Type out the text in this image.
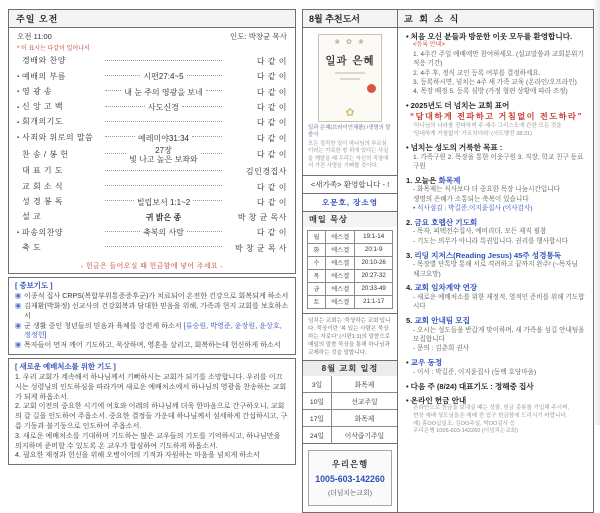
주일 오전
오전 11:00	인도: 박창균 목사
* 이 표시는 다같이 일어나서
경배와 찬양	다 같 이
▪ 예배의 부름	시편27:4~5	다 같 이
▪ 영 광 송	내 눈 주의 영광을 보네	다 같 이
▪ 신 앙 고 백	사도신경	다 같 이
▪ 회개의기도	다 같 이
▪ 사죄와 위로의 말씀	예레미야31:34	다 같 이
찬 송 / 봉 헌	27장
빛 나고 높은 보좌와	다 같 이
대 표 기 도	김인경집사
교 회 소 식	다 같 이
성 경 봉 독	빌립보서 1:1~2	다 같 이
설 교	귀 밝은 종	박 창 균 목사
▪ 파송의찬양	축복의 사람	다 같 이
축 도	박 창 균 목 사
- 헌금은 들어오실 때 헌금함에 넣어 주세요 -
[ 중보기도 ]
▣ 이종석 집사 CRPS(복합부위통증증후군)가 치료되어 온전한 건강으로 회복되게 하소서
▣ 김재환(박화정) 선교사의 건강회복과 담대한 믿음을 위해, 가족과 현지 교회를 보호하소서
▣ 군 생활 중인 청년들의 믿음과 육체를 강건케 하소서 [류승원, 박영준, 윤장원, 윤상호, 정정헌]
▣ 목자들이 먼저 깨어 기도하고, 묵상하며, 영혼을 살리고, 회복하는데 헌신하게 하소서
[ 새로운 예배처소를 위한 기도 ]
1. 우리 교회가 계속해서 하나님께서 기뻐하시는 교회가 되기를 소망합니다. 우리를 이끄시는 성령님의 인도하심을 따라가며 새로운 예배처소에서 하나님의 영광을 찬송하는 교회가 되게 하옵소서.
2. 교회 이전의 중요한 시기에 여호와 이레의 하나님께 더욱 한마음으로 간구하오니, 교회의 갈 길을 인도하여 주옵소서. 중요한 결정들 가운데 하나님께서 섬세하게 간섭하시고, 구름 기둥과 불기둥으로 인도하여 주옵소서.
3. 새로운 예배처소를 기대하며 기도하는 많은 교우들의 기도를 기억하시고, 하나님만을 의지하며 준비할 수 있도록 온 교우가 합심하여 기도하게 하옵소서.
4. 필요한 재정과 헌신을 위해 오병이어의 기적과 자원하는 마음을 넘치게 하소서
8월 추천도서	교 회 소 식
❀ ✿ ❀
일과 은혜
✿
일과 은혜(브라이언채플) /생명의 말씀사
모든 정직한 일이 하나님의 부르심이라는 거룩한 땅 위에 있다는 사실을 깨달을 때 우리는 자신의 직장에서 가진 사명을 기뻐할 것이다.
<새가족> 환영합니다 - !
오문호, 장소영
매일 묵상
월	에스겔	19:1-14
화	에스겔	20:1-9
수	에스겔	20:10-26
목	에스겔	20:27-32
금	에스겔	20:33-49
토	에스겔	21:1-17
넘치는 교회는 '묵상하는 교회'입니다. 묵상이란 '복 있는 사람은 묵상하는 자로다' (시편1:1)의 말씀으로 매일의 말씀 묵상을 통해 하나님과 교제하는 것을 말합니다.
8월 교회 일정
3일	화목제
10일	선교주일
17일	화목제
24일	이삭줍기주일
우리은행
1005-603-142260
(더넘치는교회)
• 처음 오신 분들과 방문한 이웃 모두를 환영합니다.
<등록 안내>
1. 4주간 주일 예배에만 참여하세요. (설교말씀과 교회분위기 적응 기간)
2. 4주 후, 정식 교인 등록 여부를 결정하세요.
3. 등록하시면, 넘치는 4주 새 가족 교육 (온라인/오프라인)
4. 목장 배정 5. 등록 심방 (가정 형편 상황에 따라 조정)
• 2025년도 더 넘치는 교회 표어
“담대하게 전파하고 거침없이 전도하라”
'하나님의 나라를 전파하며 주 예수 그리스도에 관한 모든 것을
'담대하게 거침없이' 가르치더라' (사도행전 28:31)
• 넘치는 성도의 거룩한 목표 :
1. 가족구원 2. 목장을 통한 이웃구원 3. 직장, 학교 친구 동료구원
1. 오늘은 화목제
- 화목제는 식사보다 더 중요한 목장 나눔시간입니다
생명의 은혜가 소통되는 축복이 있습니다
• 식사섬김 : 박길준,이지윤집사 (이사감사)
2. 금요 호렙산 기도회
- 목자, 피택전수집사, 예비리더, 모든 제직 필참
- 기도는 의무가 아니라 특권입니다. 권리를 행사합시다
3. 리딩 지저스(Reading Jesus) 45주 성경통독
- 목장별 단톡방 통해 서로 격려하고 끝까지 완주! (~목자님 체크요망)
4. 교회 임차계약 연장
- 새로운 예배처소를 위한 재정적, 영적인 준비를 위해 기도합시다
5. 교회 안내팀 모집
- 오시는 성도들을 반갑게 맞이하며, 새 가족을 섬길 안내팀을 모집합니다
- 문의 : 김춘희 권사
• 교우 동정
- 이사 : 박길준, 이지윤집사 (동백 호당마을)
• 다음 주 (8/24) 대표기도 : 정해중 집사
• 온라인 헌금 안내
온라인으로 헌금을 보내실 때는 성함, 헌금 종류를 기입해 주시며,
현장 예배 성도님들은 예배 전 입구 헌금함에 드리시기 바랍니다.
예) 홍OO십일조, 김OO주일, 박OO감사 등
우리은행 1005-603-142260 (더넘치는교회)
